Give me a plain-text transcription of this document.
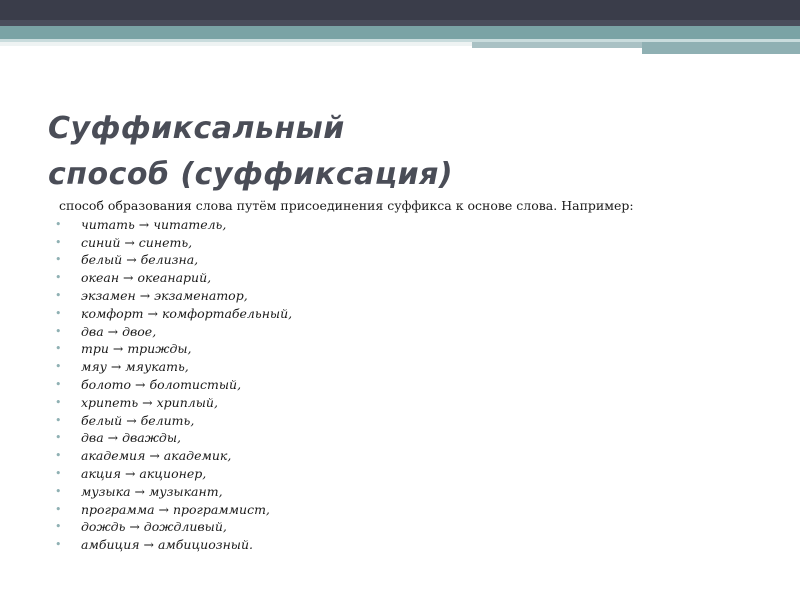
Суффиксальный
способ (суффиксация)

способ образования слова путём присоединения суффикса к основе слова. Например:

• читать → читатель,
• синий → синеть,
• белый → белизна,
• океан → океанарий,
• экзамен → экзаменатор,
• комфорт → комфортабельный,
• два → двое,
• три → трижды,
• мяу → мяукать,
• болото → болотистый,
• хрипеть → хриплый,
• белый → белить,
• два → дважды,
• академия → академик,
• акция → акционер,
• музыка → музыкант,
• программа → программист,
• дождь → дождливый,
• амбиция → амбициозный.
